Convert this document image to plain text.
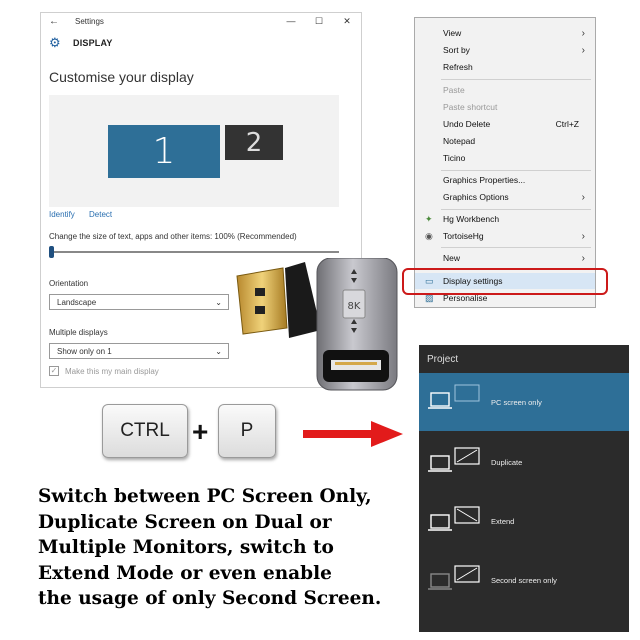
←	Settings	—	☐	✕
⚙	DISPLAY
Customise your display
1	2
Identify Detect
Change the size of text, apps and other items: 100% (Recommended)
Orientation
Landscape	⌄
Multiple displays
Show only on 1	⌄
✓ Make this my main display
View	›
Sort by	›
Refresh
Paste
Paste shortcut
Undo Delete	Ctrl+Z
Notepad
Ticino
Graphics Properties...
Graphics Options	›
✦ Hg Workbench
◉ TortoiseHg	›
New	›
▭ Display settings
▨ Personalise
8K
CTRL +	P
Project
PC screen only
Duplicate
Extend
Second screen only
Switch between PC Screen Only,
Duplicate Screen on Dual or
Multiple Monitors, switch to
Extend Mode or even enable
the usage of only Second Screen.
